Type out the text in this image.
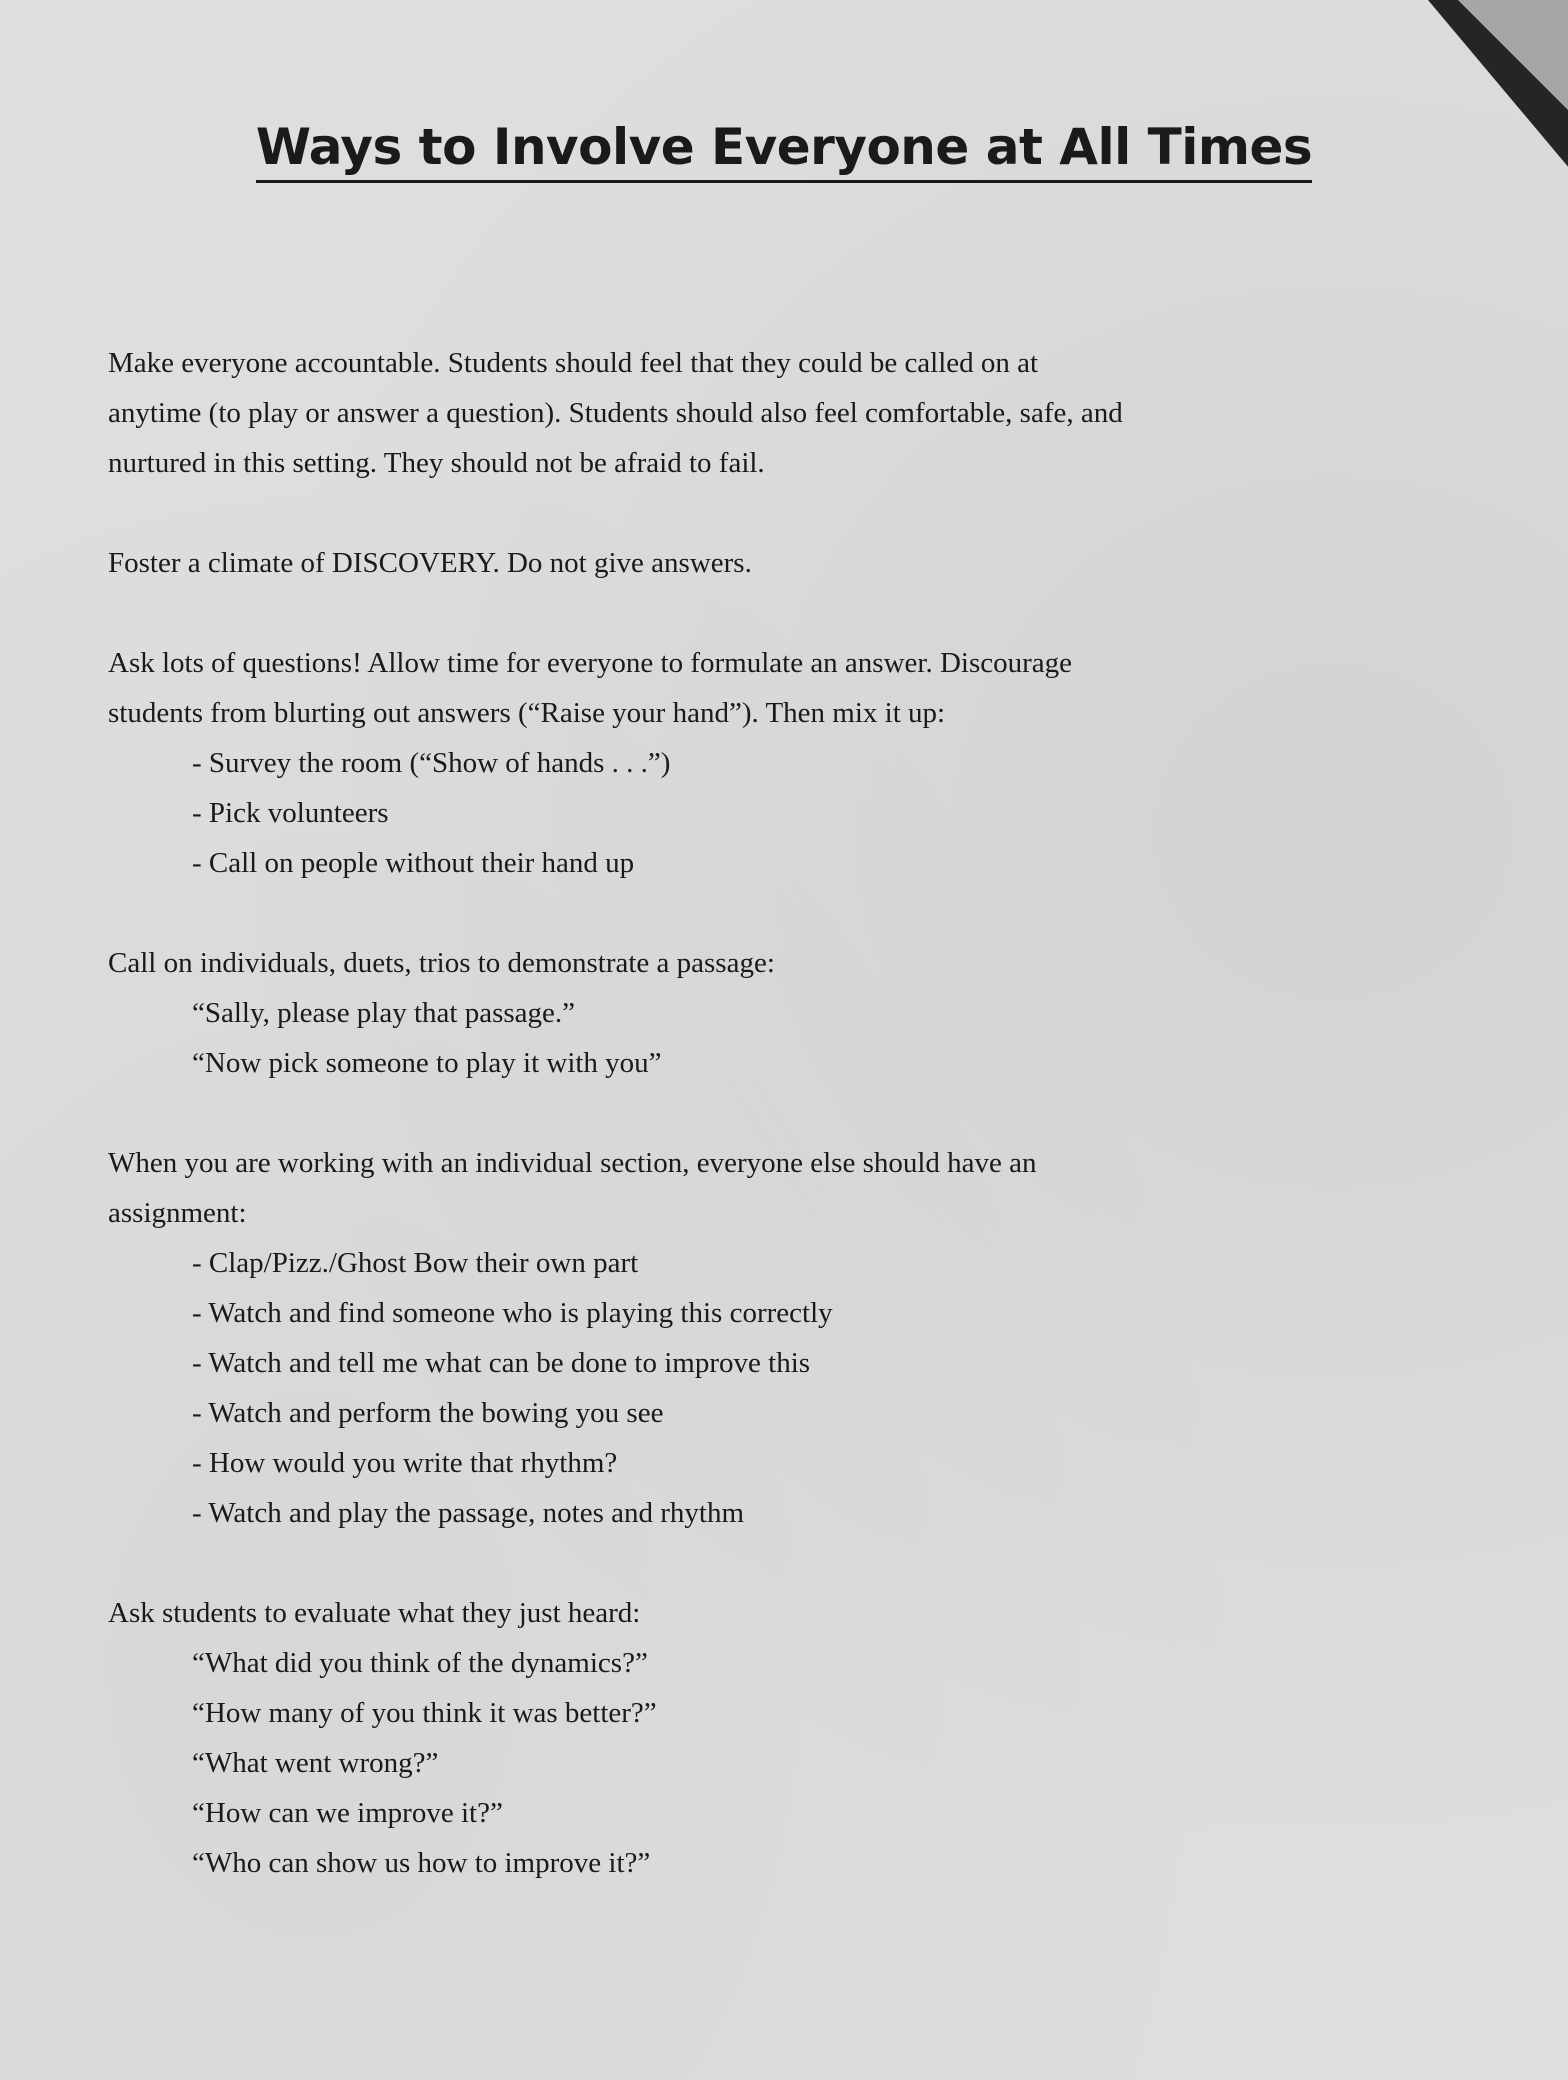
Ways to Involve Everyone at All Times
Make everyone accountable. Students should feel that they could be called on at
anytime (to play or answer a question). Students should also feel comfortable, safe, and
nurtured in this setting. They should not be afraid to fail.
Foster a climate of DISCOVERY. Do not give answers.
Ask lots of questions! Allow time for everyone to formulate an answer. Discourage
students from blurting out answers (“Raise your hand”). Then mix it up:
- Survey the room (“Show of hands . . .”)
- Pick volunteers
- Call on people without their hand up
Call on individuals, duets, trios to demonstrate a passage:
“Sally, please play that passage.”
“Now pick someone to play it with you”
When you are working with an individual section, everyone else should have an
assignment:
- Clap/Pizz./Ghost Bow their own part
- Watch and find someone who is playing this correctly
- Watch and tell me what can be done to improve this
- Watch and perform the bowing you see
- How would you write that rhythm?
- Watch and play the passage, notes and rhythm
Ask students to evaluate what they just heard:
“What did you think of the dynamics?”
“How many of you think it was better?”
“What went wrong?”
“How can we improve it?”
“Who can show us how to improve it?”
